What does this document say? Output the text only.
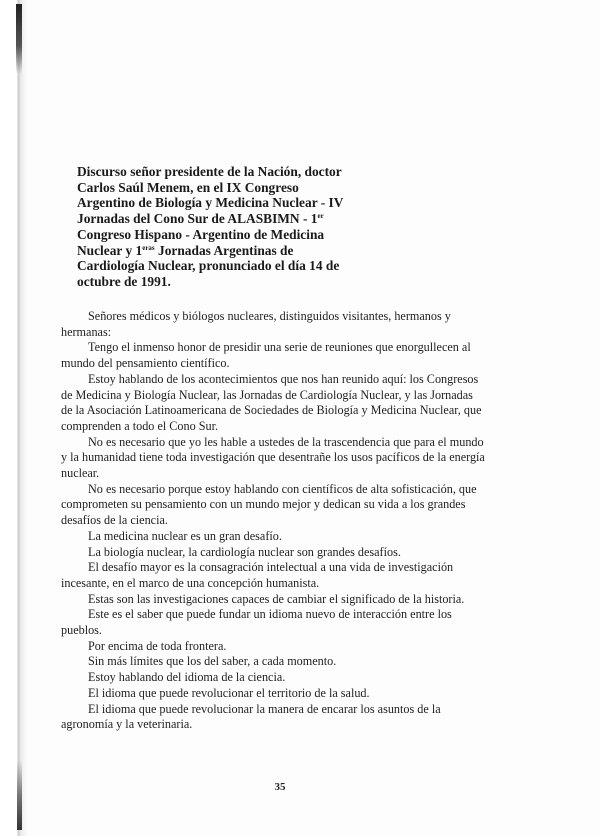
Discurso señor presidente de la Nación, doctor Carlos Saúl Menem, en el IX Congreso Argentino de Biología y Medicina Nuclear - IV Jornadas del Cono Sur de ALASBIMN - 1er Congreso Hispano - Argentino de Medicina Nuclear y $1^{eras}$ Jornadas Argentinas de Cardiología Nuclear, pronunciado el día 14 de octubre de 1991.

Señores médicos y biólogos nucleares, distinguidos visitantes, hermanos y hermanas:

Tengo el inmenso honor de presidir una serie de reuniones que enorgullecen al mundo del pensamiento científico.

Estoy hablando de los acontecimientos que nos han reunido aquí: los Congresos de Medicina y Biología Nuclear, las Jornadas de Cardiología Nuclear, y las Jornadas de la Asociación Latinoamericana de Sociedades de Biología y Medicina Nuclear, que comprenden a todo el Cono Sur.

No es necesario que yo les hable a ustedes de la trascendencia que para el mundo y la humanidad tiene toda investigación que desentrañe los usos pacíficos de la energía nuclear.

No es necesario porque estoy hablando con científicos de alta sofisticación, que comprometen su pensamiento con un mundo mejor y dedican su vida a los grandes desafíos de la ciencia.

La medicina nuclear es un gran desafío.

La biología nuclear, la cardiología nuclear son grandes desafíos.

El desafío mayor es la consagración intelectual a una vida de investigación incesante, en el marco de una concepción humanista.

Estas son las investigaciones capaces de cambiar el significado de la historia.

Este es el saber que puede fundar un idioma nuevo de interacción entre los pueblos.

Por encima de toda frontera.

Sin más límites que los del saber, a cada momento.

Estoy hablando del idioma de la ciencia.

El idioma que puede revolucionar el territorio de la salud.

El idioma que puede revolucionar la manera de encarar los asuntos de la agronomía y la veterinaria.

35
